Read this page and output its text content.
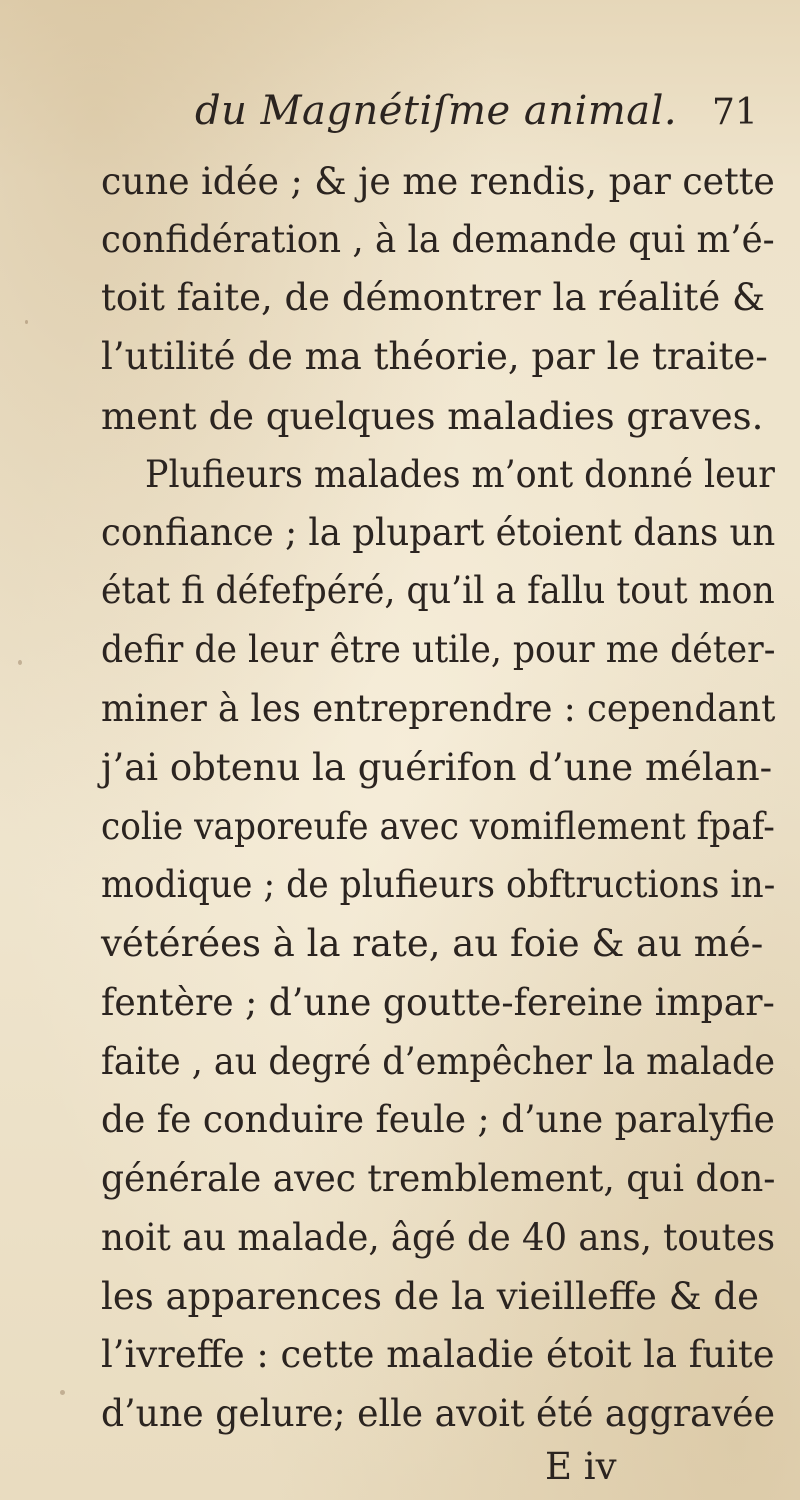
du Magnétiſme animal. 71
cune idée ; & je me rendis, par cette
confidération , à la demande qui m’é-
toit faite, de démontrer la réalité &
l’utilité de ma théorie, par le traite-
ment de quelques maladies graves.
Plufieurs malades m’ont donné leur
confiance ; la plupart étoient dans un
état fi défefpéré, qu’il a fallu tout mon
defir de leur être utile, pour me déter-
miner à les entreprendre : cependant
j’ai obtenu la guérifon d’une mélan-
colie vaporeufe avec vomiflement fpaf-
modique ; de plufieurs obftructions in-
vétérées à la rate, au foie & au mé-
fentère ; d’une goutte-fereine impar-
faite , au degré d’empêcher la malade
de fe conduire feule ; d’une paralyfie
générale avec tremblement, qui don-
noit au malade, âgé de 40 ans, toutes
les apparences de la vieilleffe & de
l’ivreffe : cette maladie étoit la fuite
d’une gelure; elle avoit été aggravée
E iv
